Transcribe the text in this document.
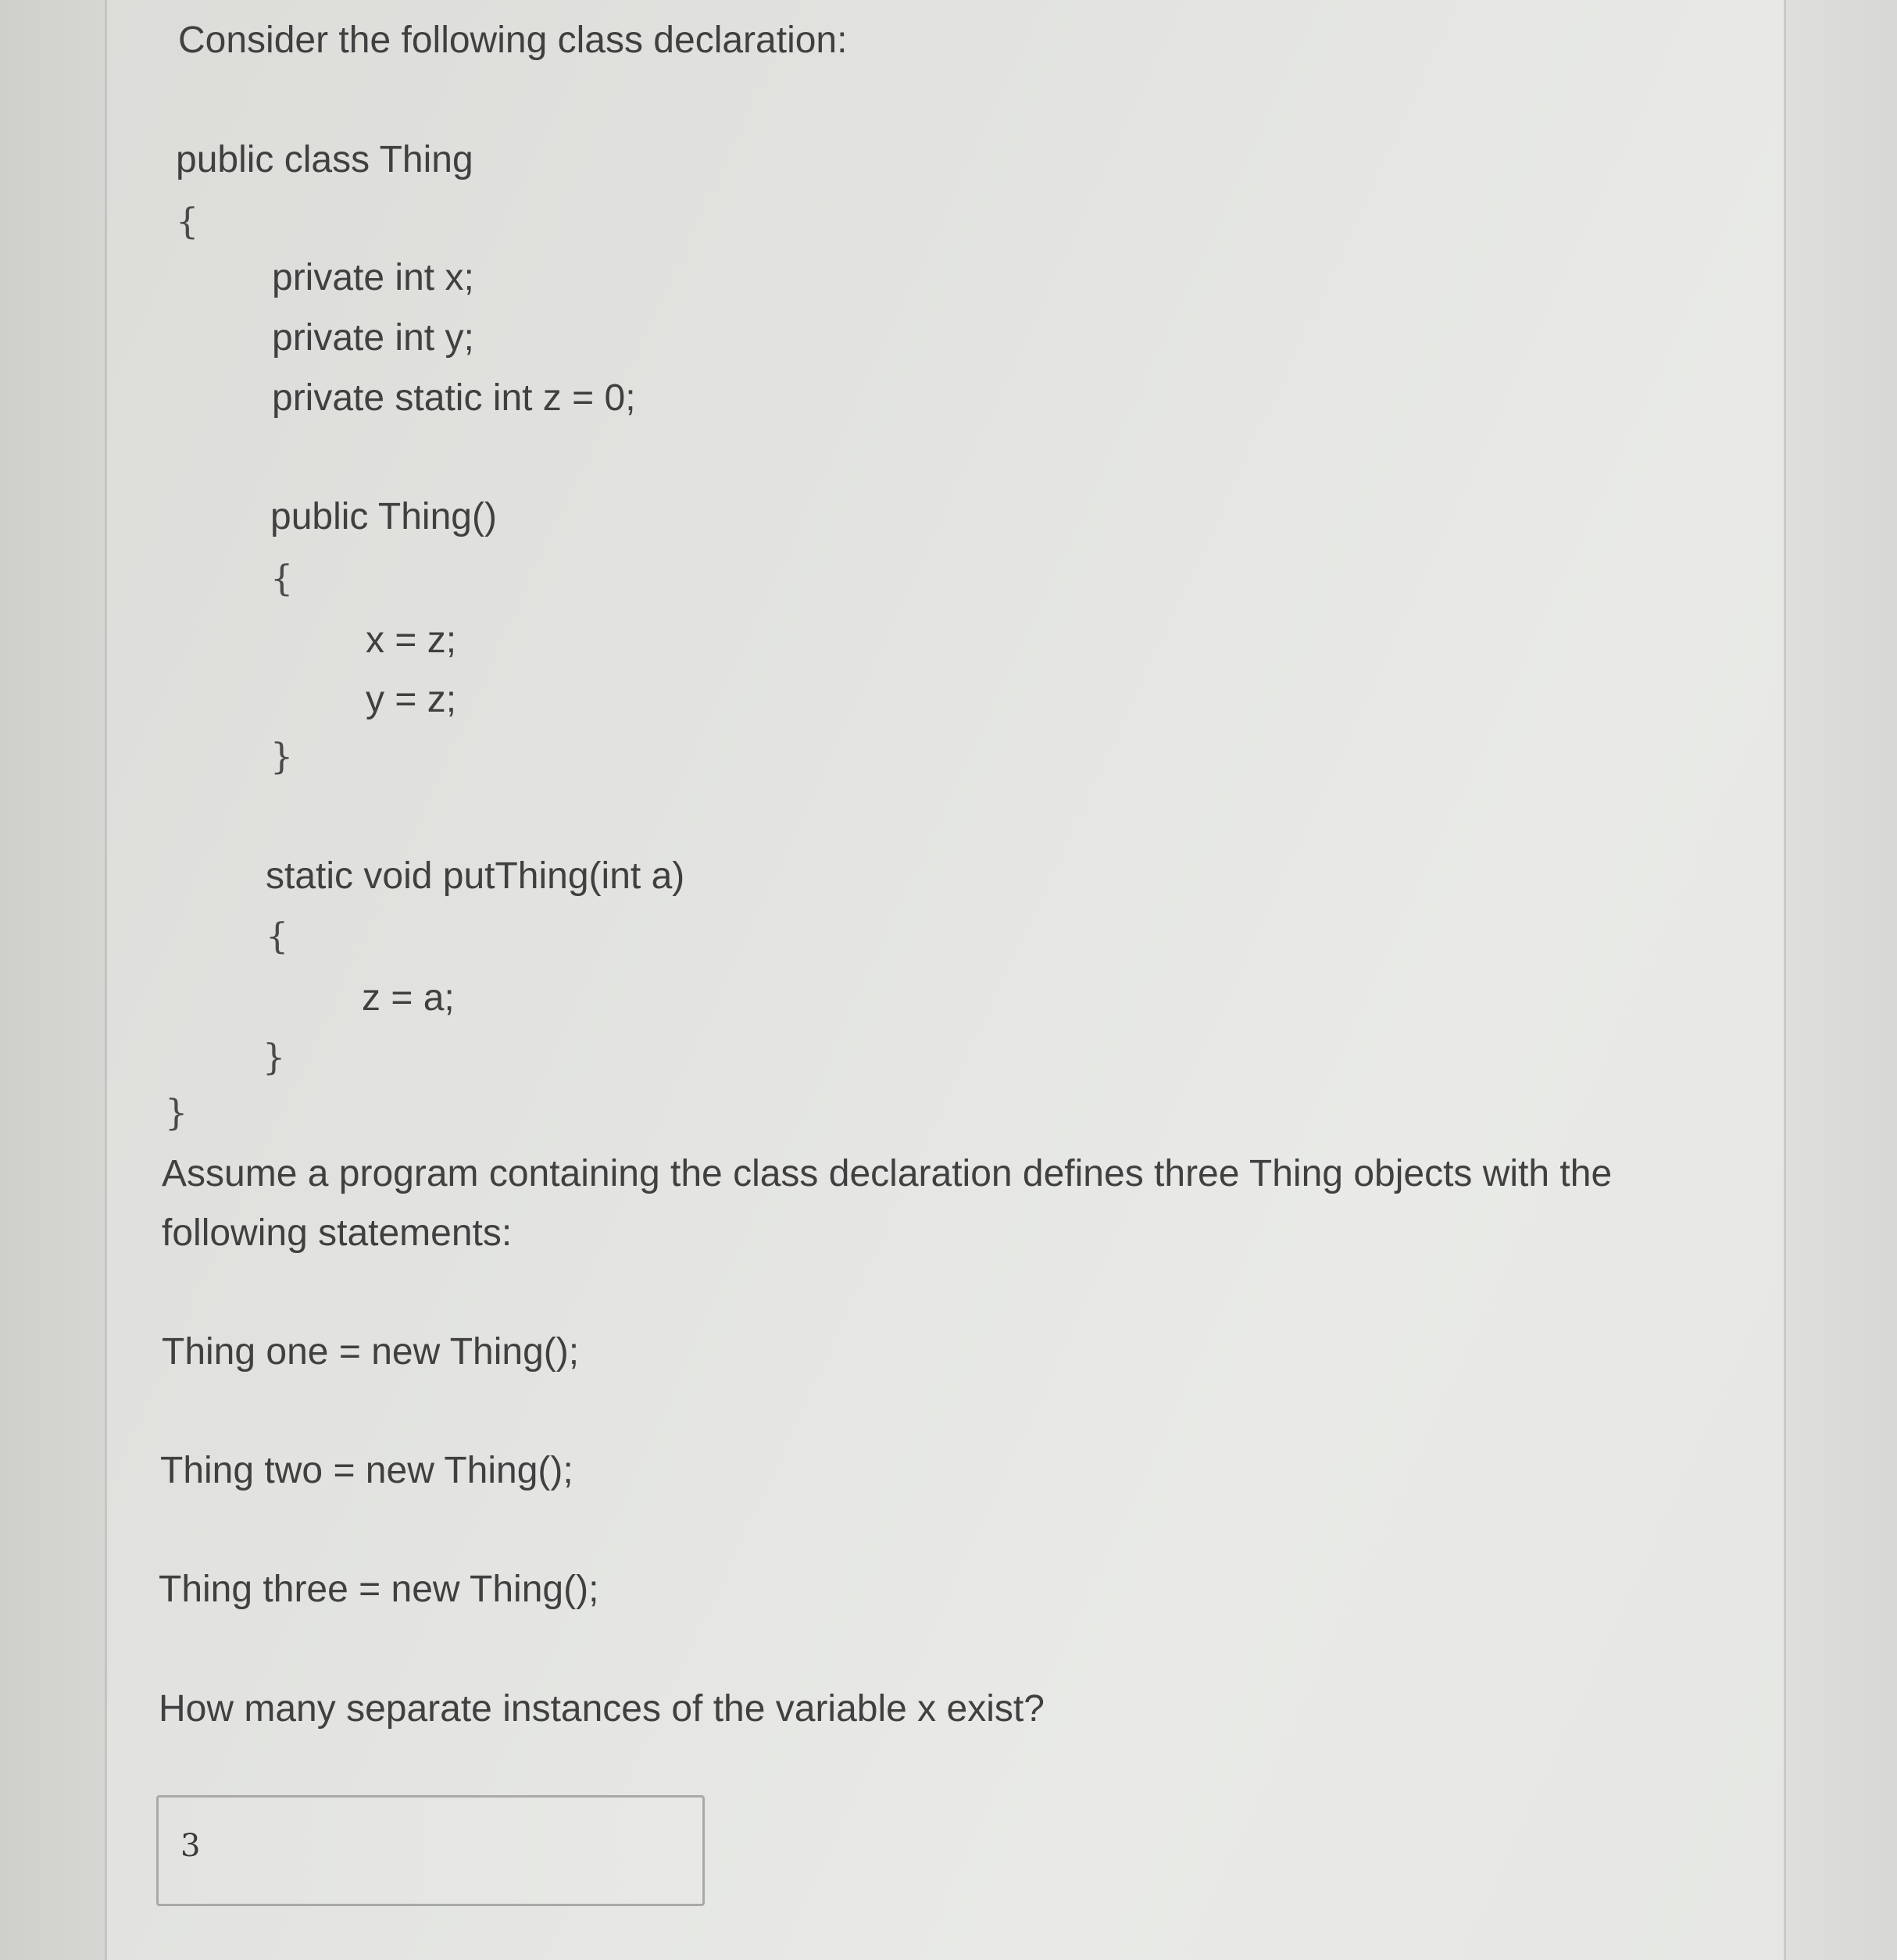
Consider the following class declaration:
public class Thing
{
private int x;
private int y;
private static int z = 0;
public Thing()
{
x = z;
y = z;
}
static void putThing(int a)
{
z = a;
}
}
Assume a program containing the class declaration defines three Thing objects with the
following statements:
Thing one = new Thing();
Thing two = new Thing();
Thing three = new Thing();
How many separate instances of the variable x exist?
3
